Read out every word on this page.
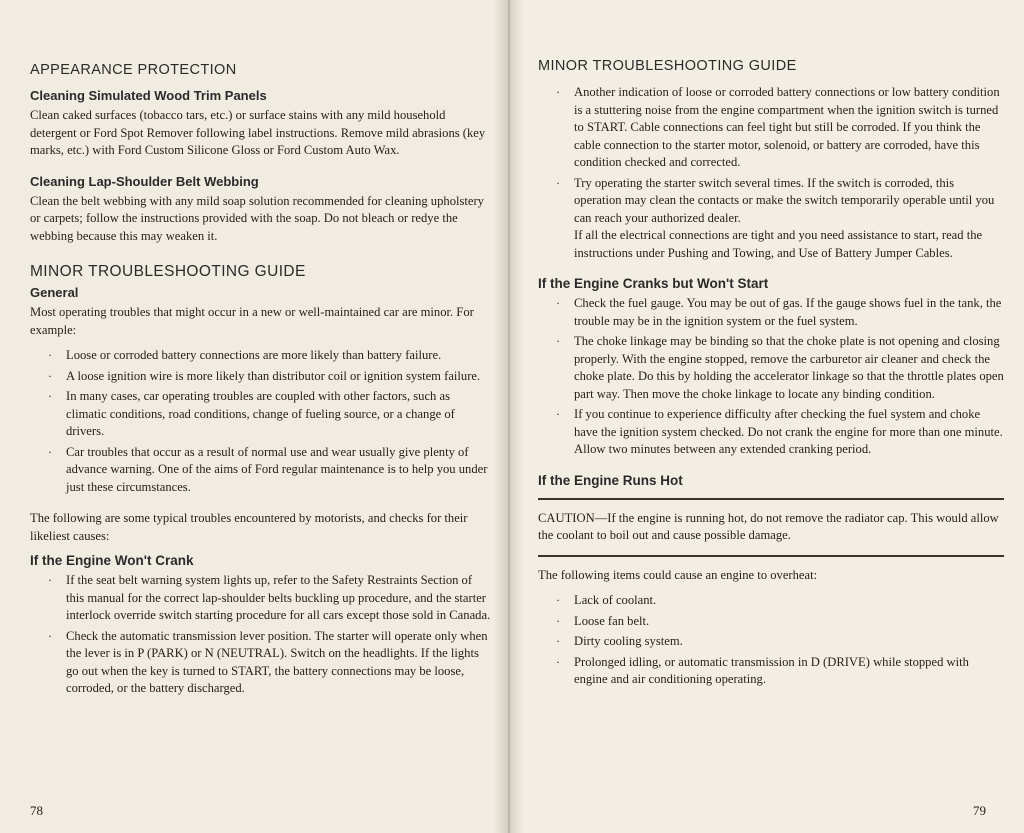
APPEARANCE PROTECTION
Cleaning Simulated Wood Trim Panels

Clean caked surfaces (tobacco tars, etc.) or surface stains with any mild household detergent or Ford Spot Remover following label instructions. Remove mild abrasions (key marks, etc.) with Ford Custom Silicone Gloss or Ford Custom Auto Wax.

Cleaning Lap-Shoulder Belt Webbing

Clean the belt webbing with any mild soap solution recommended for cleaning upholstery or carpets; follow the instructions provided with the soap. Do not bleach or redye the webbing because this may weaken it.

MINOR TROUBLESHOOTING GUIDE
General

Most operating troubles that might occur in a new or well-maintained car are minor. For example:

· Loose or corroded battery connections are more likely than battery failure.
· A loose ignition wire is more likely than distributor coil or ignition system failure.
· In many cases, car operating troubles are coupled with other factors, such as climatic conditions, road conditions, change of fueling source, or a change of drivers.
· Car troubles that occur as a result of normal use and wear usually give plenty of advance warning. One of the aims of Ford regular maintenance is to help you under just these circumstances.

The following are some typical troubles encountered by motorists, and checks for their likeliest causes:

If the Engine Won't Crank
· If the seat belt warning system lights up, refer to the Safety Restraints Section of this manual for the correct lap-shoulder belts buckling up procedure, and the starter interlock override switch starting procedure for all cars except those sold in Canada.
· Check the automatic transmission lever position. The starter will operate only when the lever is in P (PARK) or N (NEUTRAL). Switch on the headlights. If the lights go out when the key is turned to START, the battery connections may be loose, corroded, or the battery discharged.
78
MINOR TROUBLESHOOTING GUIDE
· Another indication of loose or corroded battery connections or low battery condition is a stuttering noise from the engine compartment when the ignition switch is turned to START. Cable connections can feel tight but still be corroded. If you think the cable connection to the starter motor, solenoid, or battery are corroded, have this condition checked and corrected.
· Try operating the starter switch several times. If the switch is corroded, this operation may clean the contacts or make the switch temporarily operable until you can reach your authorized dealer.
If all the electrical connections are tight and you need assistance to start, read the instructions under Pushing and Towing, and Use of Battery Jumper Cables.
If the Engine Cranks but Won't Start
· Check the fuel gauge. You may be out of gas. If the gauge shows fuel in the tank, the trouble may be in the ignition system or the fuel system.
· The choke linkage may be binding so that the choke plate is not opening and closing properly. With the engine stopped, remove the carburetor air cleaner and check the choke plate. Do this by holding the accelerator linkage so that the throttle plates open part way. Then move the choke linkage to locate any binding condition.
· If you continue to experience difficulty after checking the fuel system and choke have the ignition system checked. Do not crank the engine for more than one minute. Allow two minutes between any extended cranking period.
If the Engine Runs Hot

CAUTION—If the engine is running hot, do not remove the radiator cap. This would allow the coolant to boil out and cause possible damage.

The following items could cause an engine to overheat:

· Lack of coolant.
· Loose fan belt.
· Dirty cooling system.
· Prolonged idling, or automatic transmission in D (DRIVE) while stopped with engine and air conditioning operating.
79
